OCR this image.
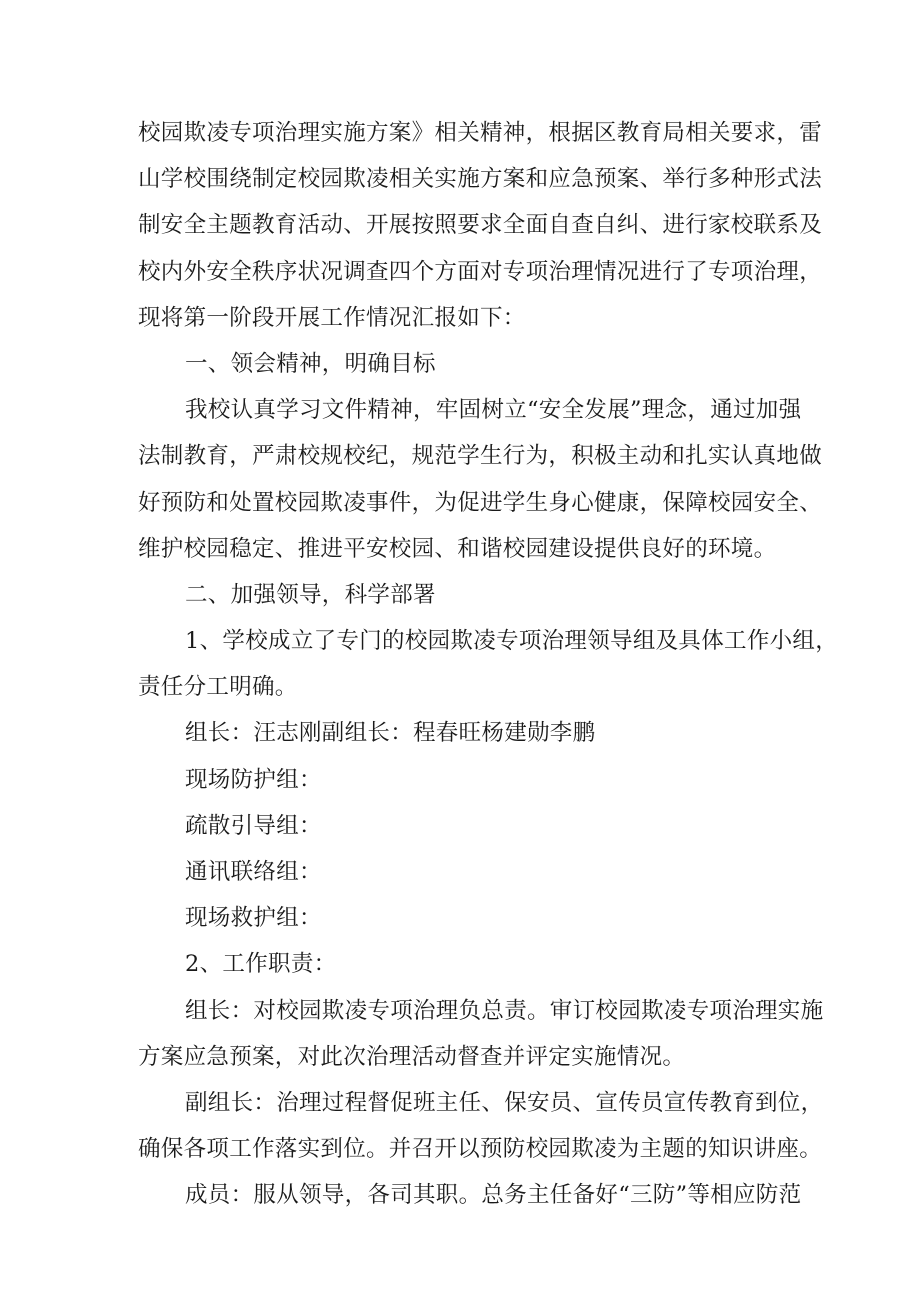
校园欺凌专项治理实施方案》相关精神，根据区教育局相关要求，雷
山学校围绕制定校园欺凌相关实施方案和应急预案、举行多种形式法
制安全主题教育活动、开展按照要求全面自查自纠、进行家校联系及
校内外安全秩序状况调查四个方面对专项治理情况进行了专项治理，
现将第一阶段开展工作情况汇报如下：
一、领会精神，明确目标
我校认真学习文件精神，牢固树立“安全发展”理念，通过加强
法制教育，严肃校规校纪，规范学生行为，积极主动和扎实认真地做
好预防和处置校园欺凌事件，为促进学生身心健康，保障校园安全、
维护校园稳定、推进平安校园、和谐校园建设提供良好的环境。
二、加强领导，科学部署
1、学校成立了专门的校园欺凌专项治理领导组及具体工作小组，
责任分工明确。
组长：汪志刚副组长：程春旺杨建勋李鹏
现场防护组：
疏散引导组：
通讯联络组：
现场救护组：
2、工作职责：
组长：对校园欺凌专项治理负总责。审订校园欺凌专项治理实施
方案应急预案，对此次治理活动督查并评定实施情况。
副组长：治理过程督促班主任、保安员、宣传员宣传教育到位，
确保各项工作落实到位。并召开以预防校园欺凌为主题的知识讲座。
成员：服从领导，各司其职。总务主任备好“三防”等相应防范
